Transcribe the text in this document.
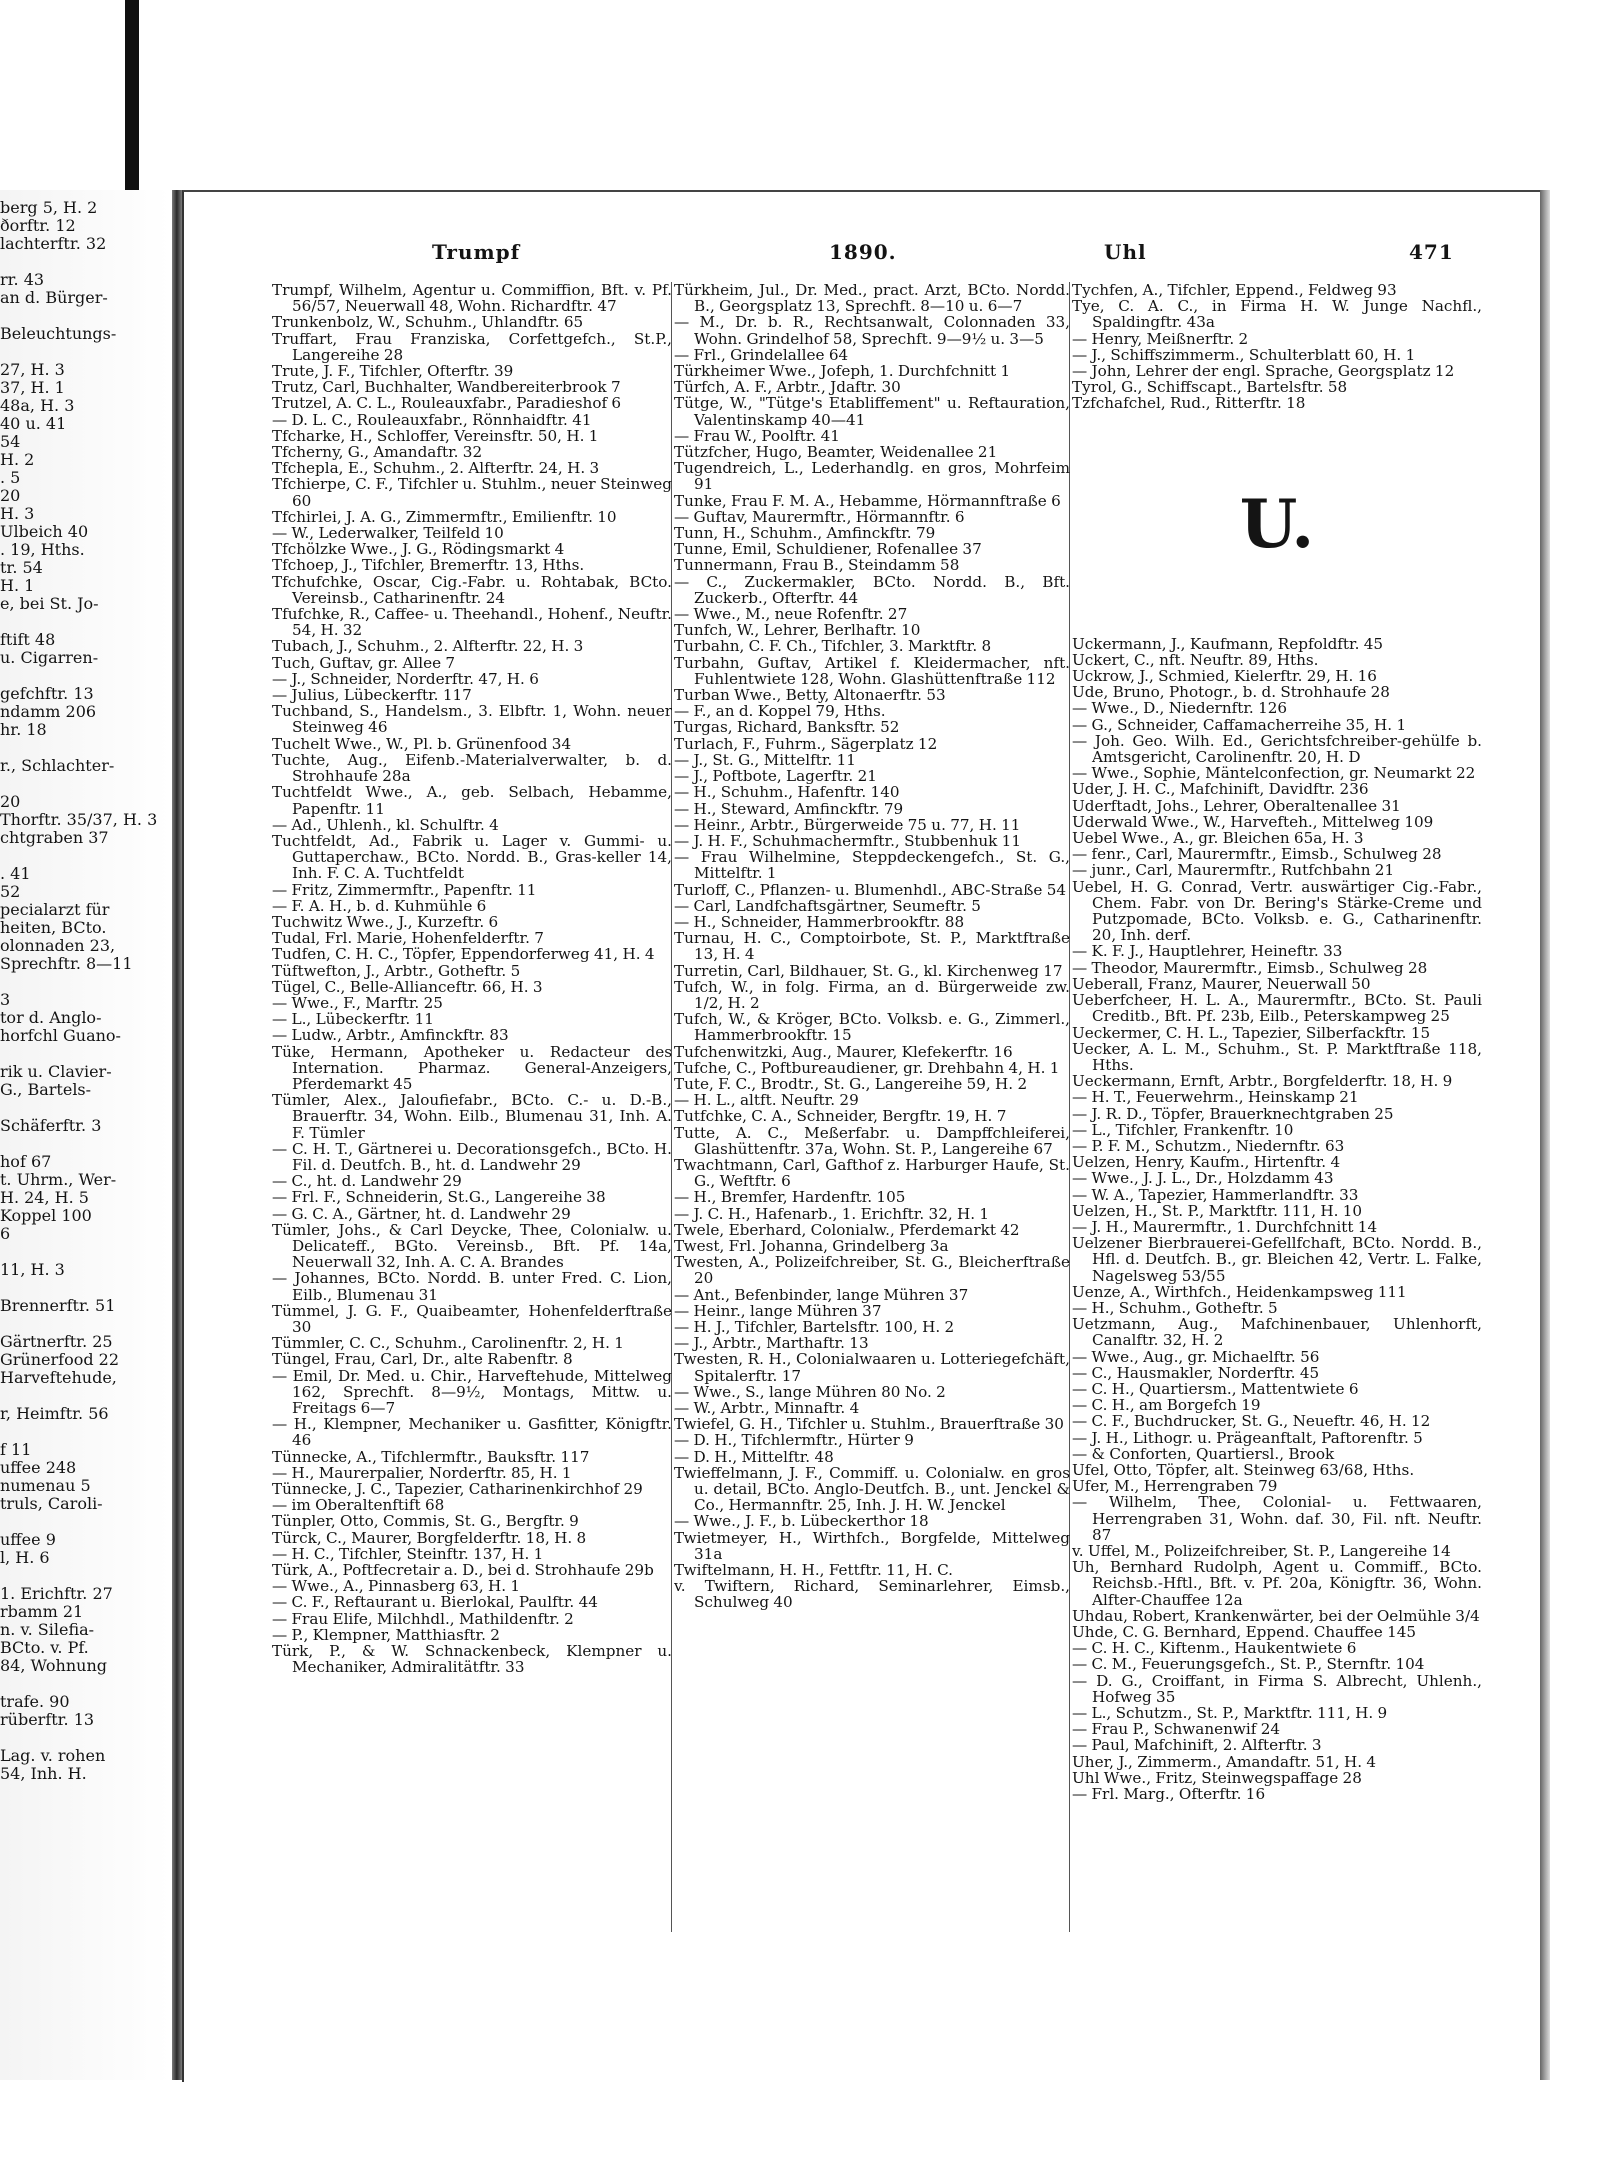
berg 5, H. 2
ðorftr. 12
lachterftr. 32
rr. 43
an d. Bürger-
Beleuchtungs-
27, H. 3
37, H. 1
48a, H. 3
40 u. 41
54
H. 2
. 5
20
H. 3
Ulbeich 40
. 19, Hths.
tr. 54
H. 1
e, bei St. Jo-
ftift 48
u. Cigarren-
gefchftr. 13
ndamm 206
hr. 18
r., Schlachter-
20
Thorftr. 35/37, H. 3
chtgraben 37
. 41
52
pecialarzt für
heiten, BCto.
olonnaden 23,
Sprechftr. 8—11
3
tor d. Anglo-
horfchl Guano-
rik u. Clavier-
G., Bartels-
Schäferftr. 3
hof 67
t. Uhrm., Wer-
H. 24, H. 5
Koppel 100
6
11, H. 3
Brennerftr. 51
Gärtnerftr. 25
Grünerfood 22
Harveftehude,
r, Heimftr. 56
f 11
uffee 248
numenau 5
truls, Caroli-
uffee 9
l, H. 6
1. Erichftr. 27
rbamm 21
n. v. Silefia-
BCto. v. Pf.
84, Wohnung
trafe. 90
rüberftr. 13
Lag. v. rohen
54, Inh. H.
Trumpf	1890.	Uhl	471

Trumpf, Wilhelm, Agentur u. Commiffion, Bft. v. Pf. 56/57, Neuerwall 48, Wohn. Richardftr. 47

Trunkenbolz, W., Schuhm., Uhlandftr. 65

Truffart, Frau Franziska, Corfettgefch., St.P., Langereihe 28

Trute, J. F., Tifchler, Ofterftr. 39

Trutz, Carl, Buchhalter, Wandbereiterbrook 7

Trutzel, A. C. L., Rouleauxfabr., Paradieshof 6

— D. L. C., Rouleauxfabr., Rönnhaidftr. 41

Tfcharke, H., Schloffer, Vereinsftr. 50, H. 1

Tfcherny, G., Amandaftr. 32

Tfchepla, E., Schuhm., 2. Alfterftr. 24, H. 3

Tfchierpe, C. F., Tifchler u. Stuhlm., neuer Steinweg 60

Tfchirlei, J. A. G., Zimmermftr., Emilienftr. 10

— W., Lederwalker, Teilfeld 10

Tfchölzke Wwe., J. G., Rödingsmarkt 4

Tfchoep, J., Tifchler, Bremerftr. 13, Hths.

Tfchufchke, Oscar, Cig.-Fabr. u. Rohtabak, BCto. Vereinsb., Catharinenftr. 24

Tfufchke, R., Caffee- u. Theehandl., Hohenf., Neuftr. 54, H. 32

Tubach, J., Schuhm., 2. Alfterftr. 22, H. 3

Tuch, Guftav, gr. Allee 7

— J., Schneider, Norderftr. 47, H. 6

— Julius, Lübeckerftr. 117

Tuchband, S., Handelsm., 3. Elbftr. 1, Wohn. neuer Steinweg 46

Tuchelt Wwe., W., Pl. b. Grünenfood 34

Tuchte, Aug., Eifenb.-Materialverwalter, b. d. Strohhaufe 28a

Tuchtfeldt Wwe., A., geb. Selbach, Hebamme, Papenftr. 11

— Ad., Uhlenh., kl. Schulftr. 4

Tuchtfeldt, Ad., Fabrik u. Lager v. Gummi- u. Guttaperchaw., BCto. Nordd. B., Gras-keller 14, Inh. F. C. A. Tuchtfeldt

— Fritz, Zimmermftr., Papenftr. 11

— F. A. H., b. d. Kuhmühle 6

Tuchwitz Wwe., J., Kurzeftr. 6

Tudal, Frl. Marie, Hohenfelderftr. 7

Tudfen, C. H. C., Töpfer, Eppendorferweg 41, H. 4

Tüftwefton, J., Arbtr., Gotheftr. 5

Tügel, C., Belle-Allianceftr. 66, H. 3

— Wwe., F., Marftr. 25

— L., Lübeckerftr. 11

— Ludw., Arbtr., Amfinckftr. 83

Tüke, Hermann, Apotheker u. Redacteur des Internation. Pharmaz. General-Anzeigers, Pferdemarkt 45

Tümler, Alex., Jaloufiefabr., BCto. C.- u. D.-B., Brauerftr. 34, Wohn. Eilb., Blumenau 31, Inh. A. F. Tümler

— C. H. T., Gärtnerei u. Decorationsgefch., BCto. H. Fil. d. Deutfch. B., ht. d. Landwehr 29

— C., ht. d. Landwehr 29

— Frl. F., Schneiderin, St.G., Langereihe 38

— G. C. A., Gärtner, ht. d. Landwehr 29

Tümler, Johs., & Carl Deycke, Thee, Colonialw. u. Delicateff., BGto. Vereinsb., Bft. Pf. 14a, Neuerwall 32, Inh. A. C. A. Brandes

— Johannes, BCto. Nordd. B. unter Fred. C. Lion, Eilb., Blumenau 31

Tümmel, J. G. F., Quaibeamter, Hohenfelderftraße 30

Tümmler, C. C., Schuhm., Carolinenftr. 2, H. 1

Tüngel, Frau, Carl, Dr., alte Rabenftr. 8

— Emil, Dr. Med. u. Chir., Harveftehude, Mittelweg 162, Sprechft. 8—9½, Montags, Mittw. u. Freitags 6—7

— H., Klempner, Mechaniker u. Gasfitter, Königftr. 46

Tünnecke, A., Tifchlermftr., Bauksftr. 117

— H., Maurerpalier, Norderftr. 85, H. 1

Tünnecke, J. C., Tapezier, Catharinenkirchhof 29

— im Oberaltenftift 68

Tünpler, Otto, Commis, St. G., Bergftr. 9

Türck, C., Maurer, Borgfelderftr. 18, H. 8

— H. C., Tifchler, Steinftr. 137, H. 1

Türk, A., Poftfecretair a. D., bei d. Strohhaufe 29b

— Wwe., A., Pinnasberg 63, H. 1

— C. F., Reftaurant u. Bierlokal, Paulftr. 44

— Frau Elife, Milchhdl., Mathildenftr. 2

— P., Klempner, Matthiasftr. 2

Türk, P., & W. Schnackenbeck, Klempner u. Mechaniker, Admiralitätftr. 33

Türkheim, Jul., Dr. Med., pract. Arzt, BCto. Nordd. B., Georgsplatz 13, Sprechft. 8—10 u. 6—7

— M., Dr. b. R., Rechtsanwalt, Colonnaden 33, Wohn. Grindelhof 58, Sprechft. 9—9½ u. 3—5

— Frl., Grindelallee 64

Türkheimer Wwe., Jofeph, 1. Durchfchnitt 1

Türfch, A. F., Arbtr., Jdaftr. 30

Tütge, W., "Tütge's Etabliffement" u. Reftauration, Valentinskamp 40—41

— Frau W., Poolftr. 41

Tützfcher, Hugo, Beamter, Weidenallee 21

Tugendreich, L., Lederhandlg. en gros, Mohrfeim 91

Tunke, Frau F. M. A., Hebamme, Hörmannftraße 6

— Guftav, Maurermftr., Hörmannftr. 6

Tunn, H., Schuhm., Amfinckftr. 79

Tunne, Emil, Schuldiener, Rofenallee 37

Tunnermann, Frau B., Steindamm 58

— C., Zuckermakler, BCto. Nordd. B., Bft. Zuckerb., Ofterftr. 44

— Wwe., M., neue Rofenftr. 27

Tunfch, W., Lehrer, Berlhaftr. 10

Turbahn, C. F. Ch., Tifchler, 3. Marktftr. 8

Turbahn, Guftav, Artikel f. Kleidermacher, nft. Fuhlentwiete 128, Wohn. Glashüttenftraße 112

Turban Wwe., Betty, Altonaerftr. 53

— F., an d. Koppel 79, Hths.

Turgas, Richard, Banksftr. 52

Turlach, F., Fuhrm., Sägerplatz 12

— J., St. G., Mittelftr. 11

— J., Poftbote, Lagerftr. 21

— H., Schuhm., Hafenftr. 140

— H., Steward, Amfinckftr. 79

— Heinr., Arbtr., Bürgerweide 75 u. 77, H. 11

— J. H. F., Schuhmachermftr., Stubbenhuk 11

— Frau Wilhelmine, Steppdeckengefch., St. G., Mittelftr. 1

Turloff, C., Pflanzen- u. Blumenhdl., ABC-Straße 54

— Carl, Landfchaftsgärtner, Seumeftr. 5

— H., Schneider, Hammerbrookftr. 88

Turnau, H. C., Comptoirbote, St. P., Marktftraße 13, H. 4

Turretin, Carl, Bildhauer, St. G., kl. Kirchenweg 17

Tufch, W., in folg. Firma, an d. Bürgerweide zw. 1/2, H. 2

Tufch, W., & Kröger, BCto. Volksb. e. G., Zimmerl., Hammerbrookftr. 15

Tufchenwitzki, Aug., Maurer, Klefekerftr. 16

Tufche, C., Poftbureaudiener, gr. Drehbahn 4, H. 1

Tute, F. C., Brodtr., St. G., Langereihe 59, H. 2

— H. L., altft. Neuftr. 29

Tutfchke, C. A., Schneider, Bergftr. 19, H. 7

Tutte, A. C., Meßerfabr. u. Dampffchleiferei, Glashüttenftr. 37a, Wohn. St. P., Langereihe 67

Twachtmann, Carl, Gafthof z. Harburger Haufe, St. G., Weftftr. 6

— H., Bremfer, Hardenftr. 105

— J. C. H., Hafenarb., 1. Erichftr. 32, H. 1

Twele, Eberhard, Colonialw., Pferdemarkt 42

Twest, Frl. Johanna, Grindelberg 3a

Twesten, A., Polizeifchreiber, St. G., Bleicherftraße 20

— Ant., Befenbinder, lange Mühren 37

— Heinr., lange Mühren 37

— H. J., Tifchler, Bartelsftr. 100, H. 2

— J., Arbtr., Marthaftr. 13

Twesten, R. H., Colonialwaaren u. Lotteriegefchäft, Spitalerftr. 17

— Wwe., S., lange Mühren 80 No. 2

— W., Arbtr., Minnaftr. 4

Twiefel, G. H., Tifchler u. Stuhlm., Brauerftraße 30

— D. H., Tifchlermftr., Hürter 9

— D. H., Mittelftr. 48

Twieffelmann, J. F., Commiff. u. Colonialw. en gros u. detail, BCto. Anglo-Deutfch. B., unt. Jenckel & Co., Hermannftr. 25, Inh. J. H. W. Jenckel

— Wwe., J. F., b. Lübeckerthor 18

Twietmeyer, H., Wirthfch., Borgfelde, Mittelweg 31a

Twiftelmann, H. H., Fettftr. 11, H. C.

v. Twiftern, Richard, Seminarlehrer, Eimsb., Schulweg 40

Tychfen, A., Tifchler, Eppend., Feldweg 93

Tye, C. A. C., in Firma H. W. Junge Nachfl., Spaldingftr. 43a

— Henry, Meißnerftr. 2

— J., Schiffszimmerm., Schulterblatt 60, H. 1

— John, Lehrer der engl. Sprache, Georgsplatz 12

Tyrol, G., Schiffscapt., Bartelsftr. 58

Tzfchafchel, Rud., Ritterftr. 18

U.

Uckermann, J., Kaufmann, Repfoldftr. 45

Uckert, C., nft. Neuftr. 89, Hths.

Uckrow, J., Schmied, Kielerftr. 29, H. 16

Ude, Bruno, Photogr., b. d. Strohhaufe 28

— Wwe., D., Niedernftr. 126

— G., Schneider, Caffamacherreihe 35, H. 1

— Joh. Geo. Wilh. Ed., Gerichtsfchreiber-gehülfe b. Amtsgericht, Carolinenftr. 20, H. D

— Wwe., Sophie, Mäntelconfection, gr. Neumarkt 22

Uder, J. H. C., Mafchinift, Davidftr. 236

Uderftadt, Johs., Lehrer, Oberaltenallee 31

Uderwald Wwe., W., Harvefteh., Mittelweg 109

Uebel Wwe., A., gr. Bleichen 65a, H. 3

— fenr., Carl, Maurermftr., Eimsb., Schulweg 28

— junr., Carl, Maurermftr., Rutfchbahn 21

Uebel, H. G. Conrad, Vertr. auswärtiger Cig.-Fabr., Chem. Fabr. von Dr. Bering's Stärke-Creme und Putzpomade, BCto. Volksb. e. G., Catharinenftr. 20, Inh. derf.

— K. F. J., Hauptlehrer, Heineftr. 33

— Theodor, Maurermftr., Eimsb., Schulweg 28

Ueberall, Franz, Maurer, Neuerwall 50

Ueberfcheer, H. L. A., Maurermftr., BCto. St. Pauli Creditb., Bft. Pf. 23b, Eilb., Peterskampweg 25

Ueckermer, C. H. L., Tapezier, Silberfackftr. 15

Uecker, A. L. M., Schuhm., St. P. Marktftraße 118, Hths.

Ueckermann, Ernft, Arbtr., Borgfelderftr. 18, H. 9

— H. T., Feuerwehrm., Heinskamp 21

— J. R. D., Töpfer, Brauerknechtgraben 25

— L., Tifchler, Frankenftr. 10

— P. F. M., Schutzm., Niedernftr. 63

Uelzen, Henry, Kaufm., Hirtenftr. 4

— Wwe., J. J. L., Dr., Holzdamm 43

— W. A., Tapezier, Hammerlandftr. 33

Uelzen, H., St. P., Marktftr. 111, H. 10

— J. H., Maurermftr., 1. Durchfchnitt 14

Uelzener Bierbrauerei-Gefellfchaft, BCto. Nordd. B., Hfl. d. Deutfch. B., gr. Bleichen 42, Vertr. L. Falke, Nagelsweg 53/55

Uenze, A., Wirthfch., Heidenkampsweg 111

— H., Schuhm., Gotheftr. 5

Uetzmann, Aug., Mafchinenbauer, Uhlenhorft, Canalftr. 32, H. 2

— Wwe., Aug., gr. Michaelftr. 56

— C., Hausmakler, Norderftr. 45

— C. H., Quartiersm., Mattentwiete 6

— C. H., am Borgefch 19

— C. F., Buchdrucker, St. G., Neueftr. 46, H. 12

— J. H., Lithogr. u. Prägeanftalt, Paftorenftr. 5

— & Conforten, Quartiersl., Brook

Ufel, Otto, Töpfer, alt. Steinweg 63/68, Hths.

Ufer, M., Herrengraben 79

— Wilhelm, Thee, Colonial- u. Fettwaaren, Herrengraben 31, Wohn. daf. 30, Fil. nft. Neuftr. 87

v. Uffel, M., Polizeifchreiber, St. P., Langereihe 14

Uh, Bernhard Rudolph, Agent u. Commiff., BCto. Reichsb.-Hftl., Bft. v. Pf. 20a, Königftr. 36, Wohn. Alfter-Chauffee 12a

Uhdau, Robert, Krankenwärter, bei der Oelmühle 3/4

Uhde, C. G. Bernhard, Eppend. Chauffee 145

— C. H. C., Kiftenm., Haukentwiete 6

— C. M., Feuerungsgefch., St. P., Sternftr. 104

— D. G., Croiffant, in Firma S. Albrecht, Uhlenh., Hofweg 35

— L., Schutzm., St. P., Marktftr. 111, H. 9

— Frau P., Schwanenwif 24

— Paul, Mafchinift, 2. Alfterftr. 3

Uher, J., Zimmerm., Amandaftr. 51, H. 4

Uhl Wwe., Fritz, Steinwegspaffage 28

— Frl. Marg., Ofterftr. 16
